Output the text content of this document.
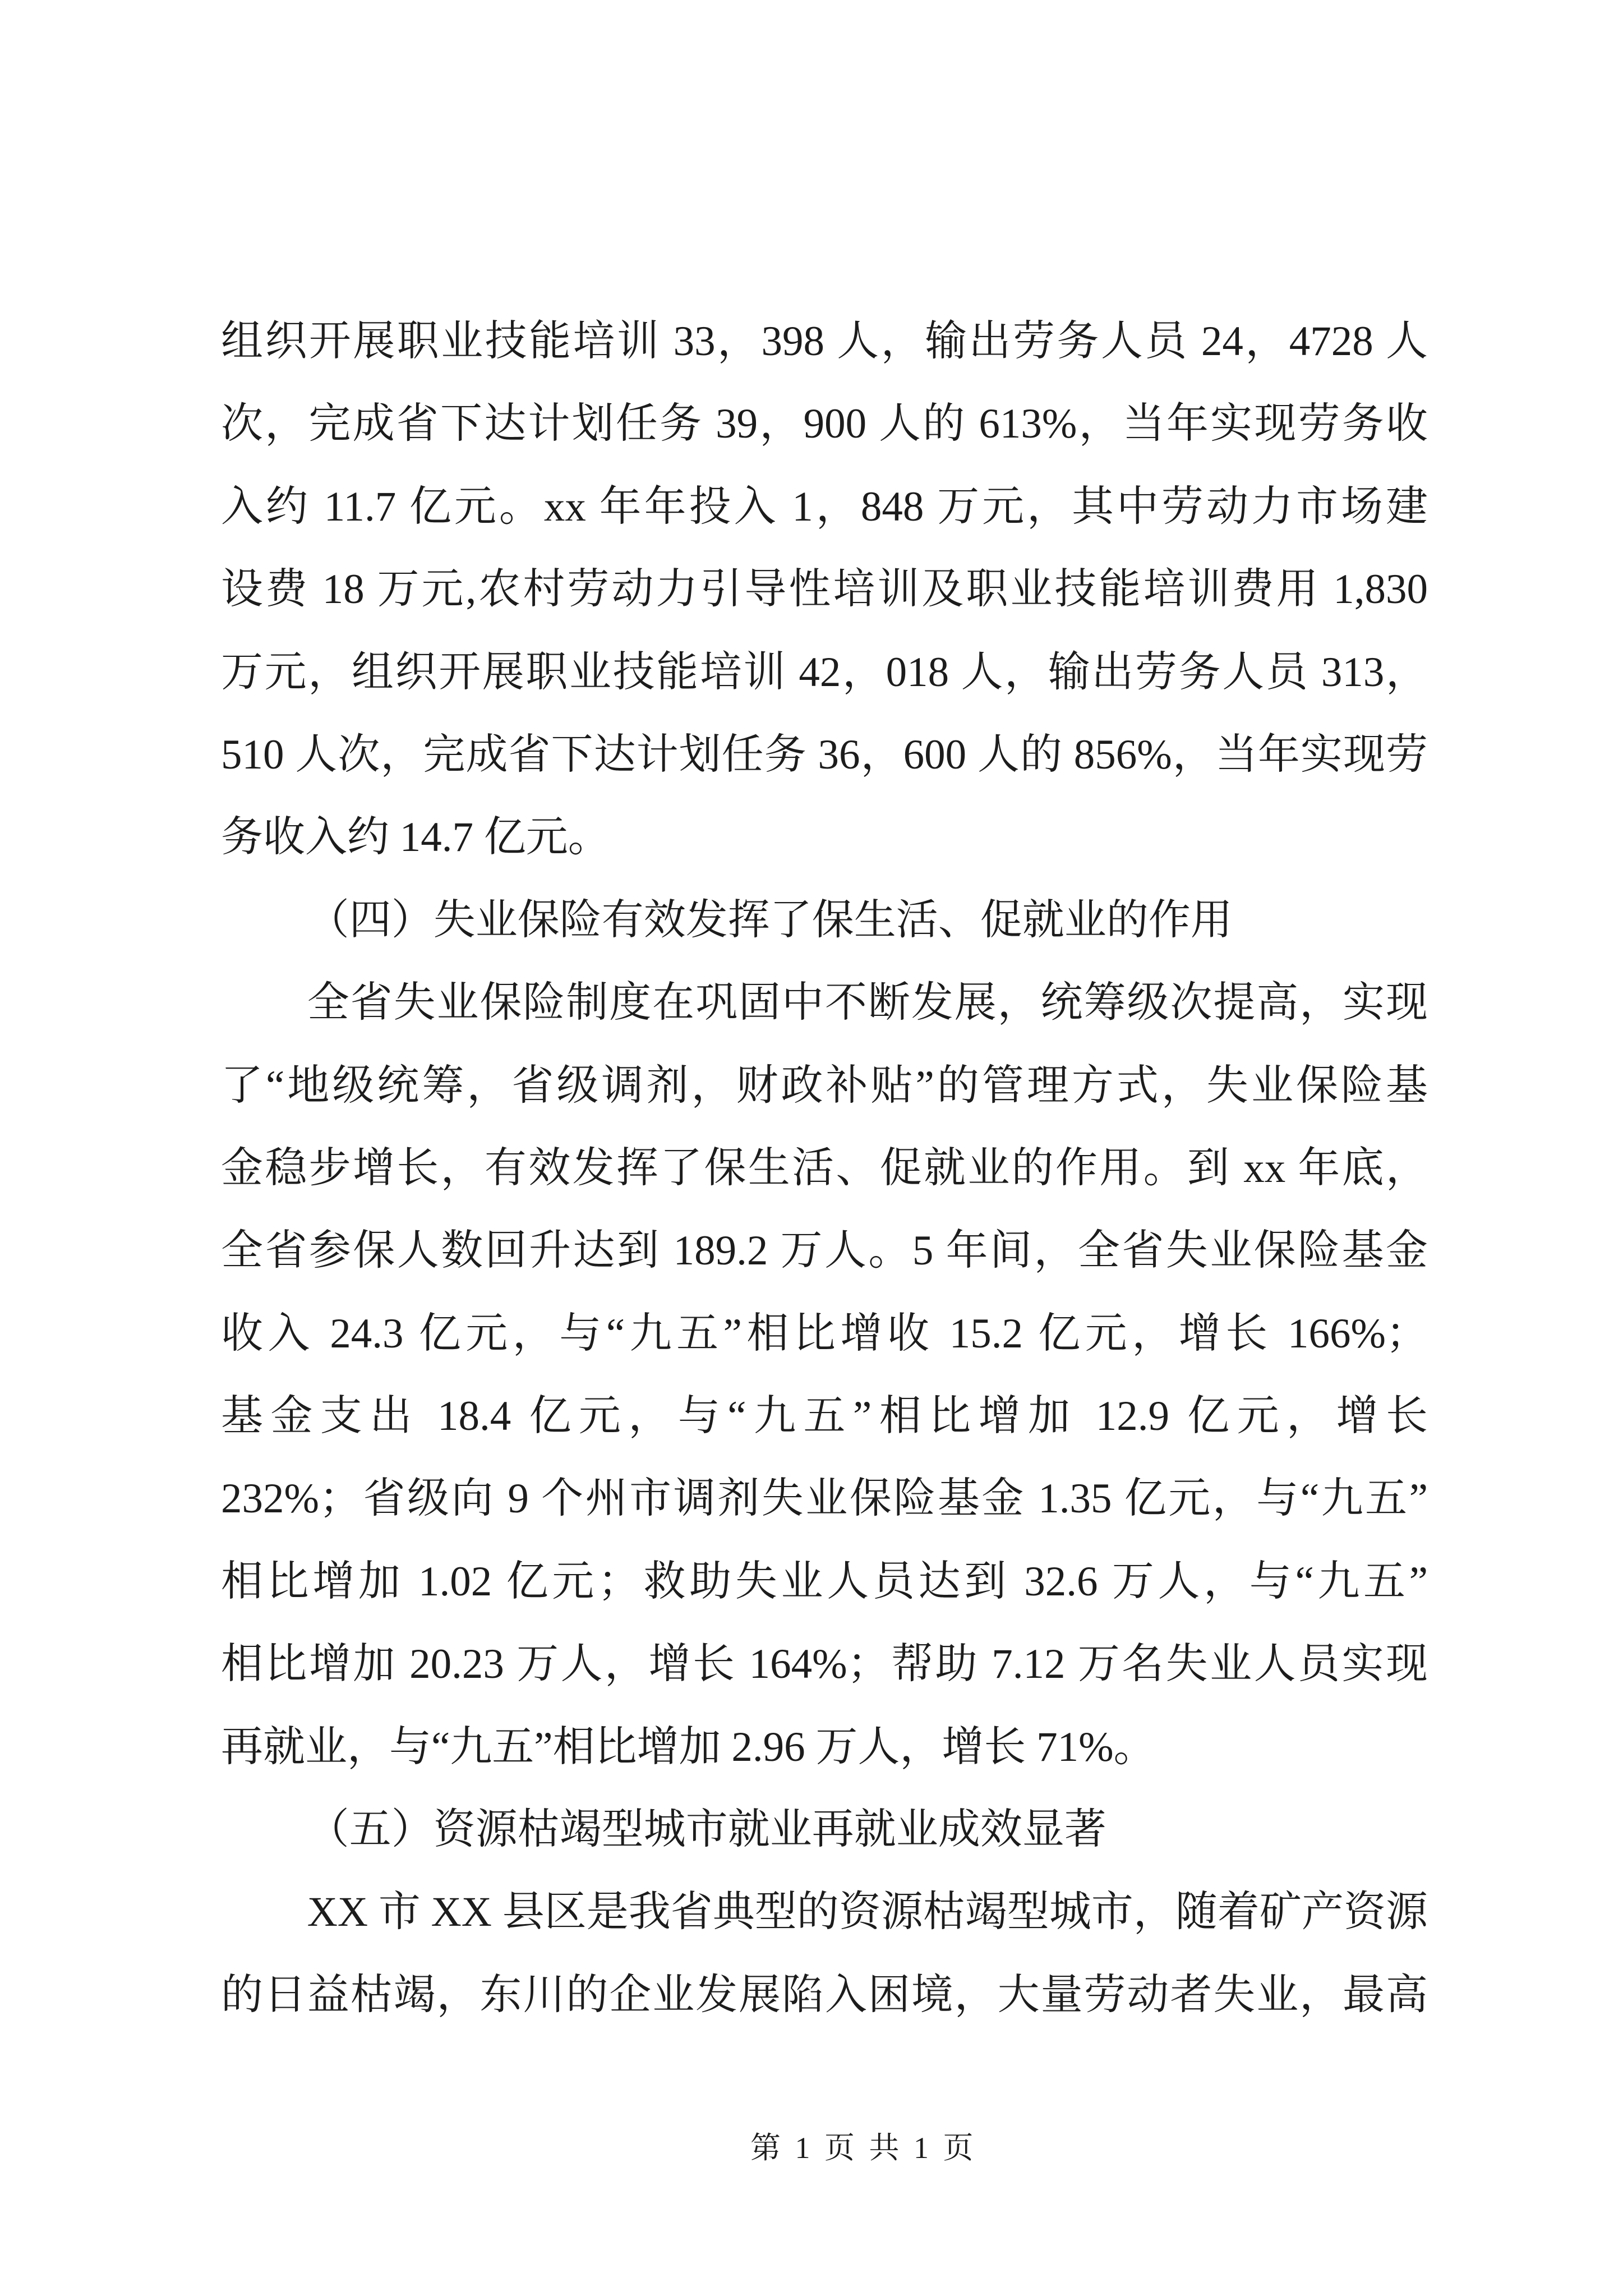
组织开展职业技能培训 33，398 人，输出劳务人员 24，4728 人
次，完成省下达计划任务 39，900 人的 613%，当年实现劳务收
入约 11.7 亿元。xx 年年投入 1，848 万元，其中劳动力市场建
设费 18 万元,农村劳动力引导性培训及职业技能培训费用 1,830
万元，组织开展职业技能培训 42，018 人，输出劳务人员 313，
510 人次，完成省下达计划任务 36，600 人的 856%，当年实现劳
务收入约 14.7 亿元。
（四）失业保险有效发挥了保生活、促就业的作用
全省失业保险制度在巩固中不断发展，统筹级次提高，实现
了“地级统筹，省级调剂，财政补贴”的管理方式，失业保险基
金稳步增长，有效发挥了保生活、促就业的作用。到 xx 年底，
全省参保人数回升达到 189.2 万人。5 年间，全省失业保险基金
收入 24.3 亿元，与“九五”相比增收 15.2 亿元，增长 166%；
基金支出 18.4 亿元，与“九五”相比增加 12.9 亿元，增长
232%；省级向 9 个州市调剂失业保险基金 1.35 亿元，与“九五”
相比增加 1.02 亿元；救助失业人员达到 32.6 万人，与“九五”
相比增加 20.23 万人，增长 164%；帮助 7.12 万名失业人员实现
再就业，与“九五”相比增加 2.96 万人，增长 71%。
（五）资源枯竭型城市就业再就业成效显著
XX 市 XX 县区是我省典型的资源枯竭型城市，随着矿产资源
的日益枯竭，东川的企业发展陷入困境，大量劳动者失业，最高
第 1 页 共 1 页
